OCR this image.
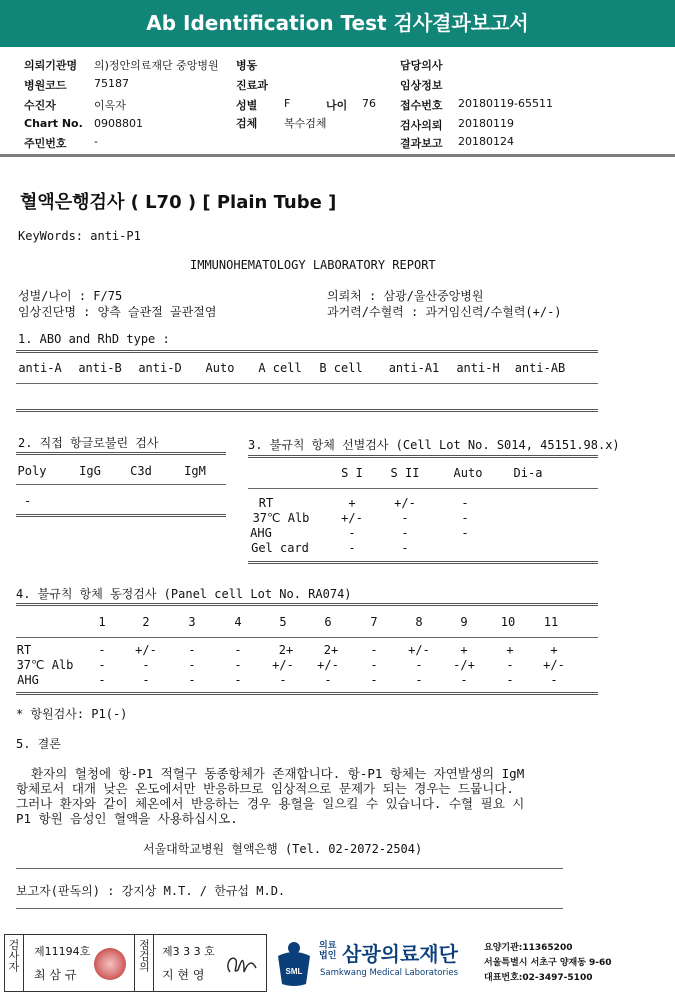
Ab Identification Test 검사결과보고서
의뢰기관명 의)정안의료재단 중앙병원 병동	담당의사
병원코드 75187	진료과	임상정보
수진자	이옥자	성별 F	나이 76 접수번호 20180119-65511
Chart No. 0908801	검체 복수검체	검사의뢰 20180119
주민번호 -	결과보고 20180124
혈액은행검사 ( L70 ) [ Plain Tube ]
KeyWords: anti-P1
IMMUNOHEMATOLOGY LABORATORY REPORT
성별/나이 : F/75
임상진단명 : 양측 슬관절 골관절염
의뢰처 : 삼광/울산중앙병원
과거력/수혈력 : 과거임신력/수혈력(+/-)
1. ABO and RhD type :
anti-A anti-B anti-D Auto A cell B cell anti-A1 anti-H anti-AB
2. 직접 항글로불린 검사
Poly	IgG C3d	IgM
-
3. 불규칙 항체 선별검사 (Cell Lot No. S014, 45151.98.x)
S I S II	Auto	Di-a
RT	+	+/-	-
37℃ Alb	+/-	-	-
AHG	-	-	-
Gel card	-	-
4. 불규칙 항체 동정검사 (Panel cell Lot No. RA074)
1	2	3	4	5	6	7	8	9	10 11
RT	- +/-	-	-	2+	2+	-	+/-	+	+	+
37℃ Alb -	-	-	-	+/- +/-	-	-	-/+	- +/-
AHG	-	-	-	-	-	-	-	-	-	-	-
* 항원검사: P1(-)
5. 결론
환자의 혈청에 항-P1 적혈구 동종항체가 존재합니다. 항-P1 항체는 자연발생의 IgM
항체로서 대개 낮은 온도에서만 반응하므로 임상적으로 문제가 되는 경우는 드뭅니다.
그러나 환자와 같이 체온에서 반응하는 경우 용혈을 일으킬 수 있습니다. 수혈 필요 시
P1 항원 음성인 혈액을 사용하십시오.
서울대학교병원 혈액은행 (Tel. 02-2072-2504)
보고자(판독의) : 강지상 M.T. / 한규섭 M.D.
검사자	제11194호
최 삼 규
점검의	제3 3 3 호
지 현 영	SML
의료법인 삼광의료재단
Samkwang Medical Laboratories
요양기관:11365200
서울특별시 서초구 양재동 9-60
대표번호:02-3497-5100
